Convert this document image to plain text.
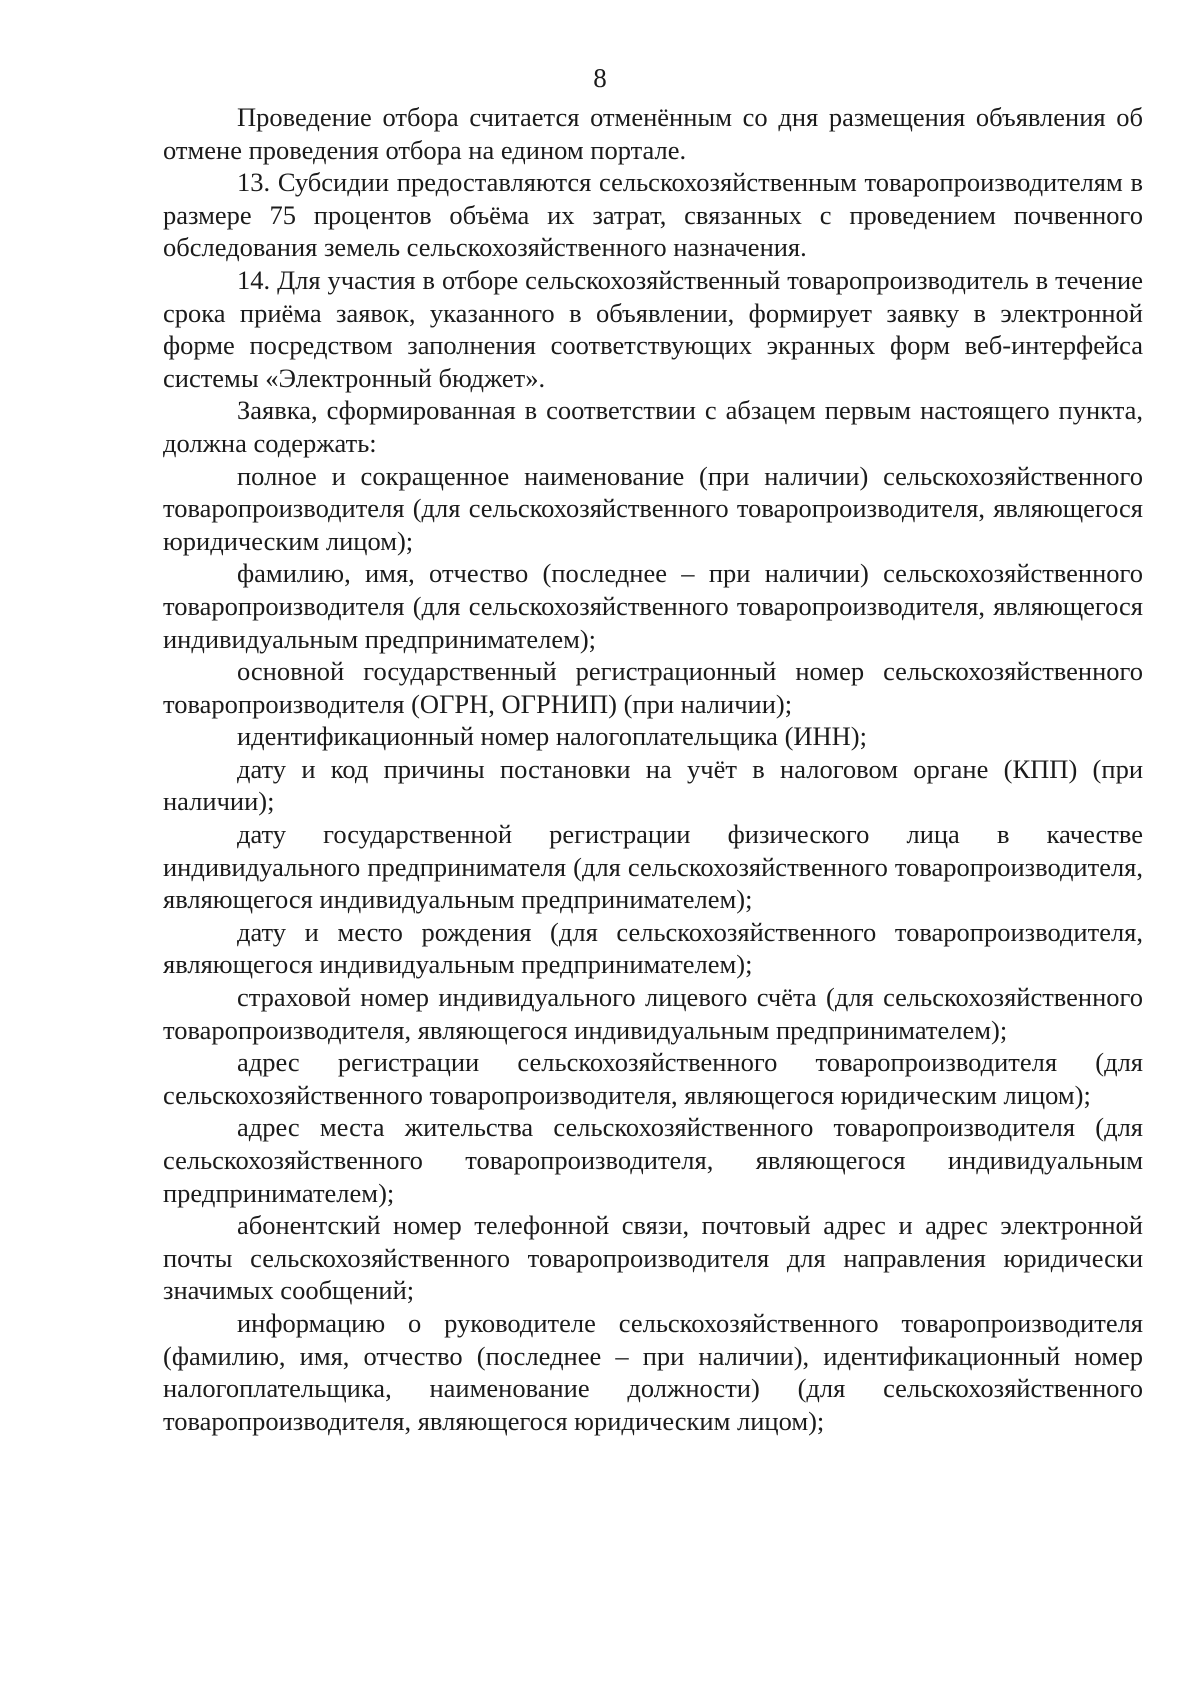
8

Проведение отбора считается отменённым со дня размещения объявления об отмене проведения отбора на едином портале.

13. Субсидии предоставляются сельскохозяйственным товаропроизводителям в размере 75 процентов объёма их затрат, связанных с проведением почвенного обследования земель сельскохозяйственного назначения.

14. Для участия в отборе сельскохозяйственный товаропроизводитель в течение срока приёма заявок, указанного в объявлении, формирует заявку в электронной форме посредством заполнения соответствующих экранных форм веб-интерфейса системы «Электронный бюджет».

Заявка, сформированная в соответствии с абзацем первым настоящего пункта, должна содержать:

полное и сокращенное наименование (при наличии) сельскохозяйственного товаропроизводителя (для сельскохозяйственного товаропроизводителя, являющегося юридическим лицом);

фамилию, имя, отчество (последнее – при наличии) сельскохозяйственного товаропроизводителя (для сельскохозяйственного товаропроизводителя, являющегося индивидуальным предпринимателем);

основной государственный регистрационный номер сельскохозяйственного товаропроизводителя (ОГРН, ОГРНИП) (при наличии);

идентификационный номер налогоплательщика (ИНН);

дату и код причины постановки на учёт в налоговом органе (КПП) (при наличии);

дату государственной регистрации физического лица в качестве индивидуального предпринимателя (для сельскохозяйственного товаропроизводителя, являющегося индивидуальным предпринимателем);

дату и место рождения (для сельскохозяйственного товаропроизводителя, являющегося индивидуальным предпринимателем);

страховой номер индивидуального лицевого счёта (для сельскохозяйственного товаропроизводителя, являющегося индивидуальным предпринимателем);

адрес регистрации сельскохозяйственного товаропроизводителя (для сельскохозяйственного товаропроизводителя, являющегося юридическим лицом);

адрес места жительства сельскохозяйственного товаропроизводителя (для сельскохозяйственного товаропроизводителя, являющегося индивидуальным предпринимателем);

абонентский номер телефонной связи, почтовый адрес и адрес электронной почты сельскохозяйственного товаропроизводителя для направления юридически значимых сообщений;

информацию о руководителе сельскохозяйственного товаропроизводителя (фамилию, имя, отчество (последнее – при наличии), идентификационный номер налогоплательщика, наименование должности) (для сельскохозяйственного товаропроизводителя, являющегося юридическим лицом);
